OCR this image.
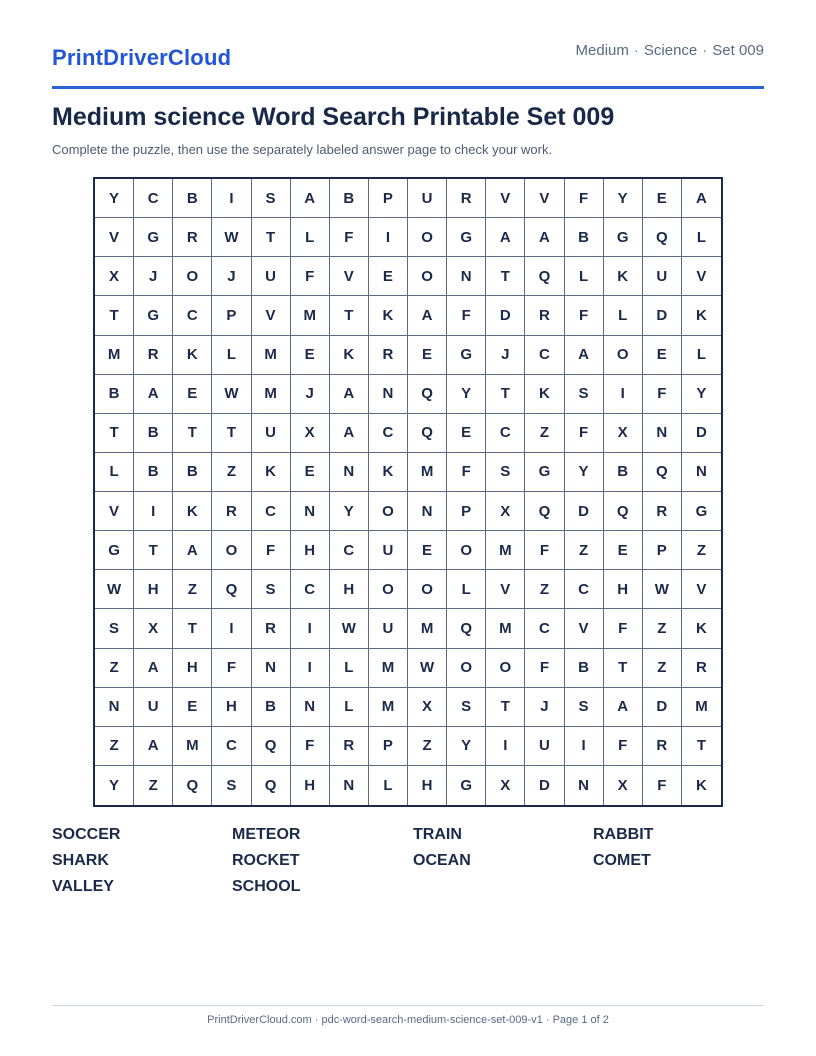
PrintDriverCloud	Medium · Science · Set 009
Medium science Word Search Printable Set 009
Complete the puzzle, then use the separately labeled answer page to check your work.
Y	C	B	I	S	A	B	P	U	R	V	V	F	Y	E	A
V	G	R	W	T	L	F	I	O	G	A	A	B	G	Q	L
X	J	O	J	U	F	V	E	O	N	T	Q	L	K	U	V
T	G	C	P	V	M	T	K	A	F	D	R	F	L	D	K
M	R	K	L	M	E	K	R	E	G	J	C	A	O	E	L
B	A	E	W	M	J	A	N	Q	Y	T	K	S	I	F	Y
T	B	T	T	U	X	A	C	Q	E	C	Z	F	X	N	D
L	B	B	Z	K	E	N	K	M	F	S	G	Y	B	Q	N
V	I	K	R	C	N	Y	O	N	P	X	Q	D	Q	R	G
G	T	A	O	F	H	C	U	E	O	M	F	Z	E	P	Z
W	H	Z	Q	S	C	H	O	O	L	V	Z	C	H	W	V
S	X	T	I	R	I	W	U	M	Q	M	C	V	F	Z	K
Z	A	H	F	N	I	L	M	W	O	O	F	B	T	Z	R
N	U	E	H	B	N	L	M	X	S	T	J	S	A	D	M
Z	A	M	C	Q	F	R	P	Z	Y	I	U	I	F	R	T
Y	Z	Q	S	Q	H	N	L	H	G	X	D	N	X	F	K
SOCCER	METEOR	TRAIN	RABBIT
SHARK	ROCKET	OCEAN	COMET
VALLEY	SCHOOL
PrintDriverCloud.com · pdc-word-search-medium-science-set-009-v1 · Page 1 of 2
